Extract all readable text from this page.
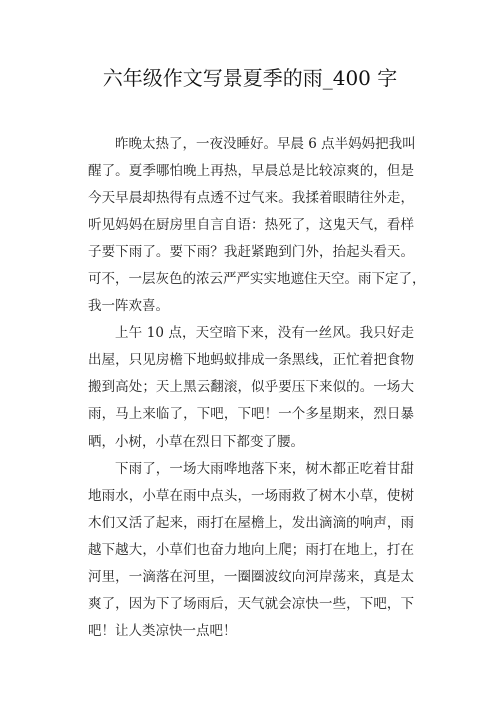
六年级作文写景夏季的雨_400 字
昨晚太热了，一夜没睡好。早晨 6 点半妈妈把我叫
醒了。夏季哪怕晚上再热，早晨总是比较凉爽的，但是
今天早晨却热得有点透不过气来。我揉着眼睛往外走，
听见妈妈在厨房里自言自语：热死了，这鬼天气，看样
子要下雨了。要下雨？我赶紧跑到门外，抬起头看天。
可不，一层灰色的浓云严严实实地遮住天空。雨下定了，
我一阵欢喜。
上午 10 点，天空暗下来，没有一丝风。我只好走
出屋，只见房檐下地蚂蚁排成一条黑线，正忙着把食物
搬到高处；天上黑云翻滚，似乎要压下来似的。一场大
雨，马上来临了，下吧，下吧！一个多星期来，烈日暴
晒，小树，小草在烈日下都变了腰。
下雨了，一场大雨哗地落下来，树木都正吃着甘甜
地雨水，小草在雨中点头，一场雨救了树木小草，使树
木们又活了起来，雨打在屋檐上，发出滴滴的响声，雨
越下越大，小草们也奋力地向上爬；雨打在地上，打在
河里，一滴落在河里，一圈圈波纹向河岸荡来，真是太
爽了，因为下了场雨后，天气就会凉快一些，下吧，下
吧！让人类凉快一点吧！
